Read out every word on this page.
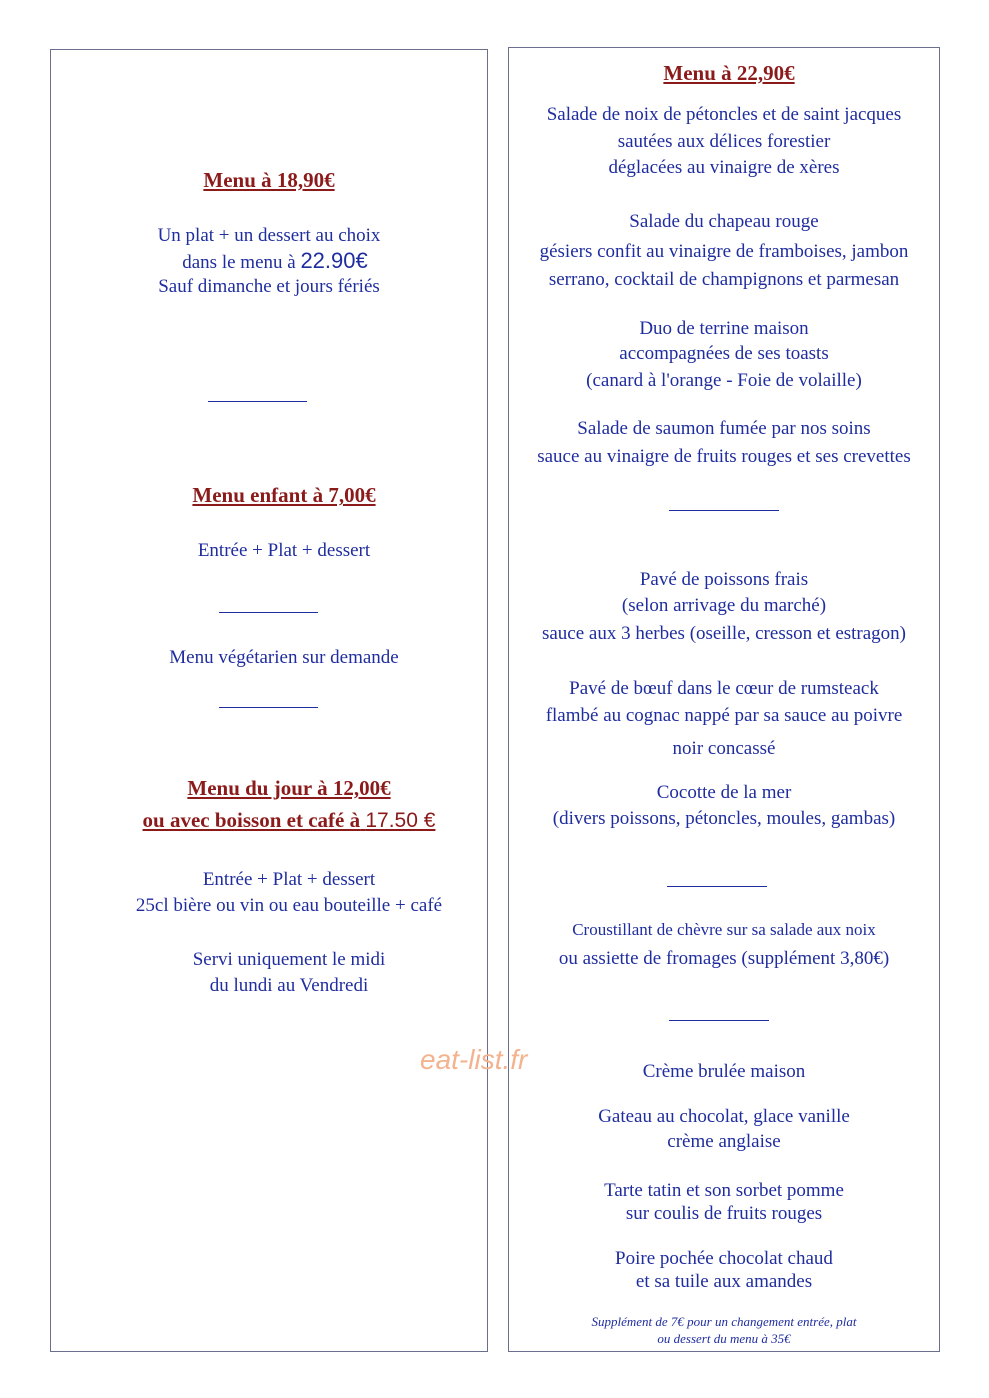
Menu à 18,90€
Un plat + un dessert au choix
dans le menu à 22.90€
Sauf dimanche et jours fériés
Menu enfant à 7,00€
Entrée + Plat + dessert
Menu végétarien sur demande
Menu du jour à 12,00€
ou avec boisson et café à 17.50 €
Entrée + Plat + dessert
25cl bière ou vin ou eau bouteille + café
Servi uniquement le midi
du lundi au Vendredi
Menu à 22,90€
Salade de noix de pétoncles et de saint jacques
sautées aux délices forestier
déglacées au vinaigre de xères
Salade du chapeau rouge
gésiers confit au vinaigre de framboises, jambon
serrano, cocktail de champignons et parmesan
Duo de terrine maison
accompagnées de ses toasts
(canard à l'orange - Foie de volaille)
Salade de saumon fumée par nos soins
sauce au vinaigre de fruits rouges et ses crevettes
Pavé de poissons frais
(selon arrivage du marché)
sauce aux 3 herbes (oseille, cresson et estragon)
Pavé de bœuf dans le cœur de rumsteack
flambé au cognac nappé par sa sauce au poivre
noir concassé
Cocotte de la mer
(divers poissons, pétoncles, moules, gambas)
Croustillant de chèvre sur sa salade aux noix
ou assiette de fromages (supplément 3,80€)
Crème brulée maison
Gateau au chocolat, glace vanille
crème anglaise
Tarte tatin et son sorbet pomme
sur coulis de fruits rouges
Poire pochée chocolat chaud
et sa tuile aux amandes
Supplément de 7€ pour un changement entrée, plat
ou dessert du menu à 35€
eat-list.fr
